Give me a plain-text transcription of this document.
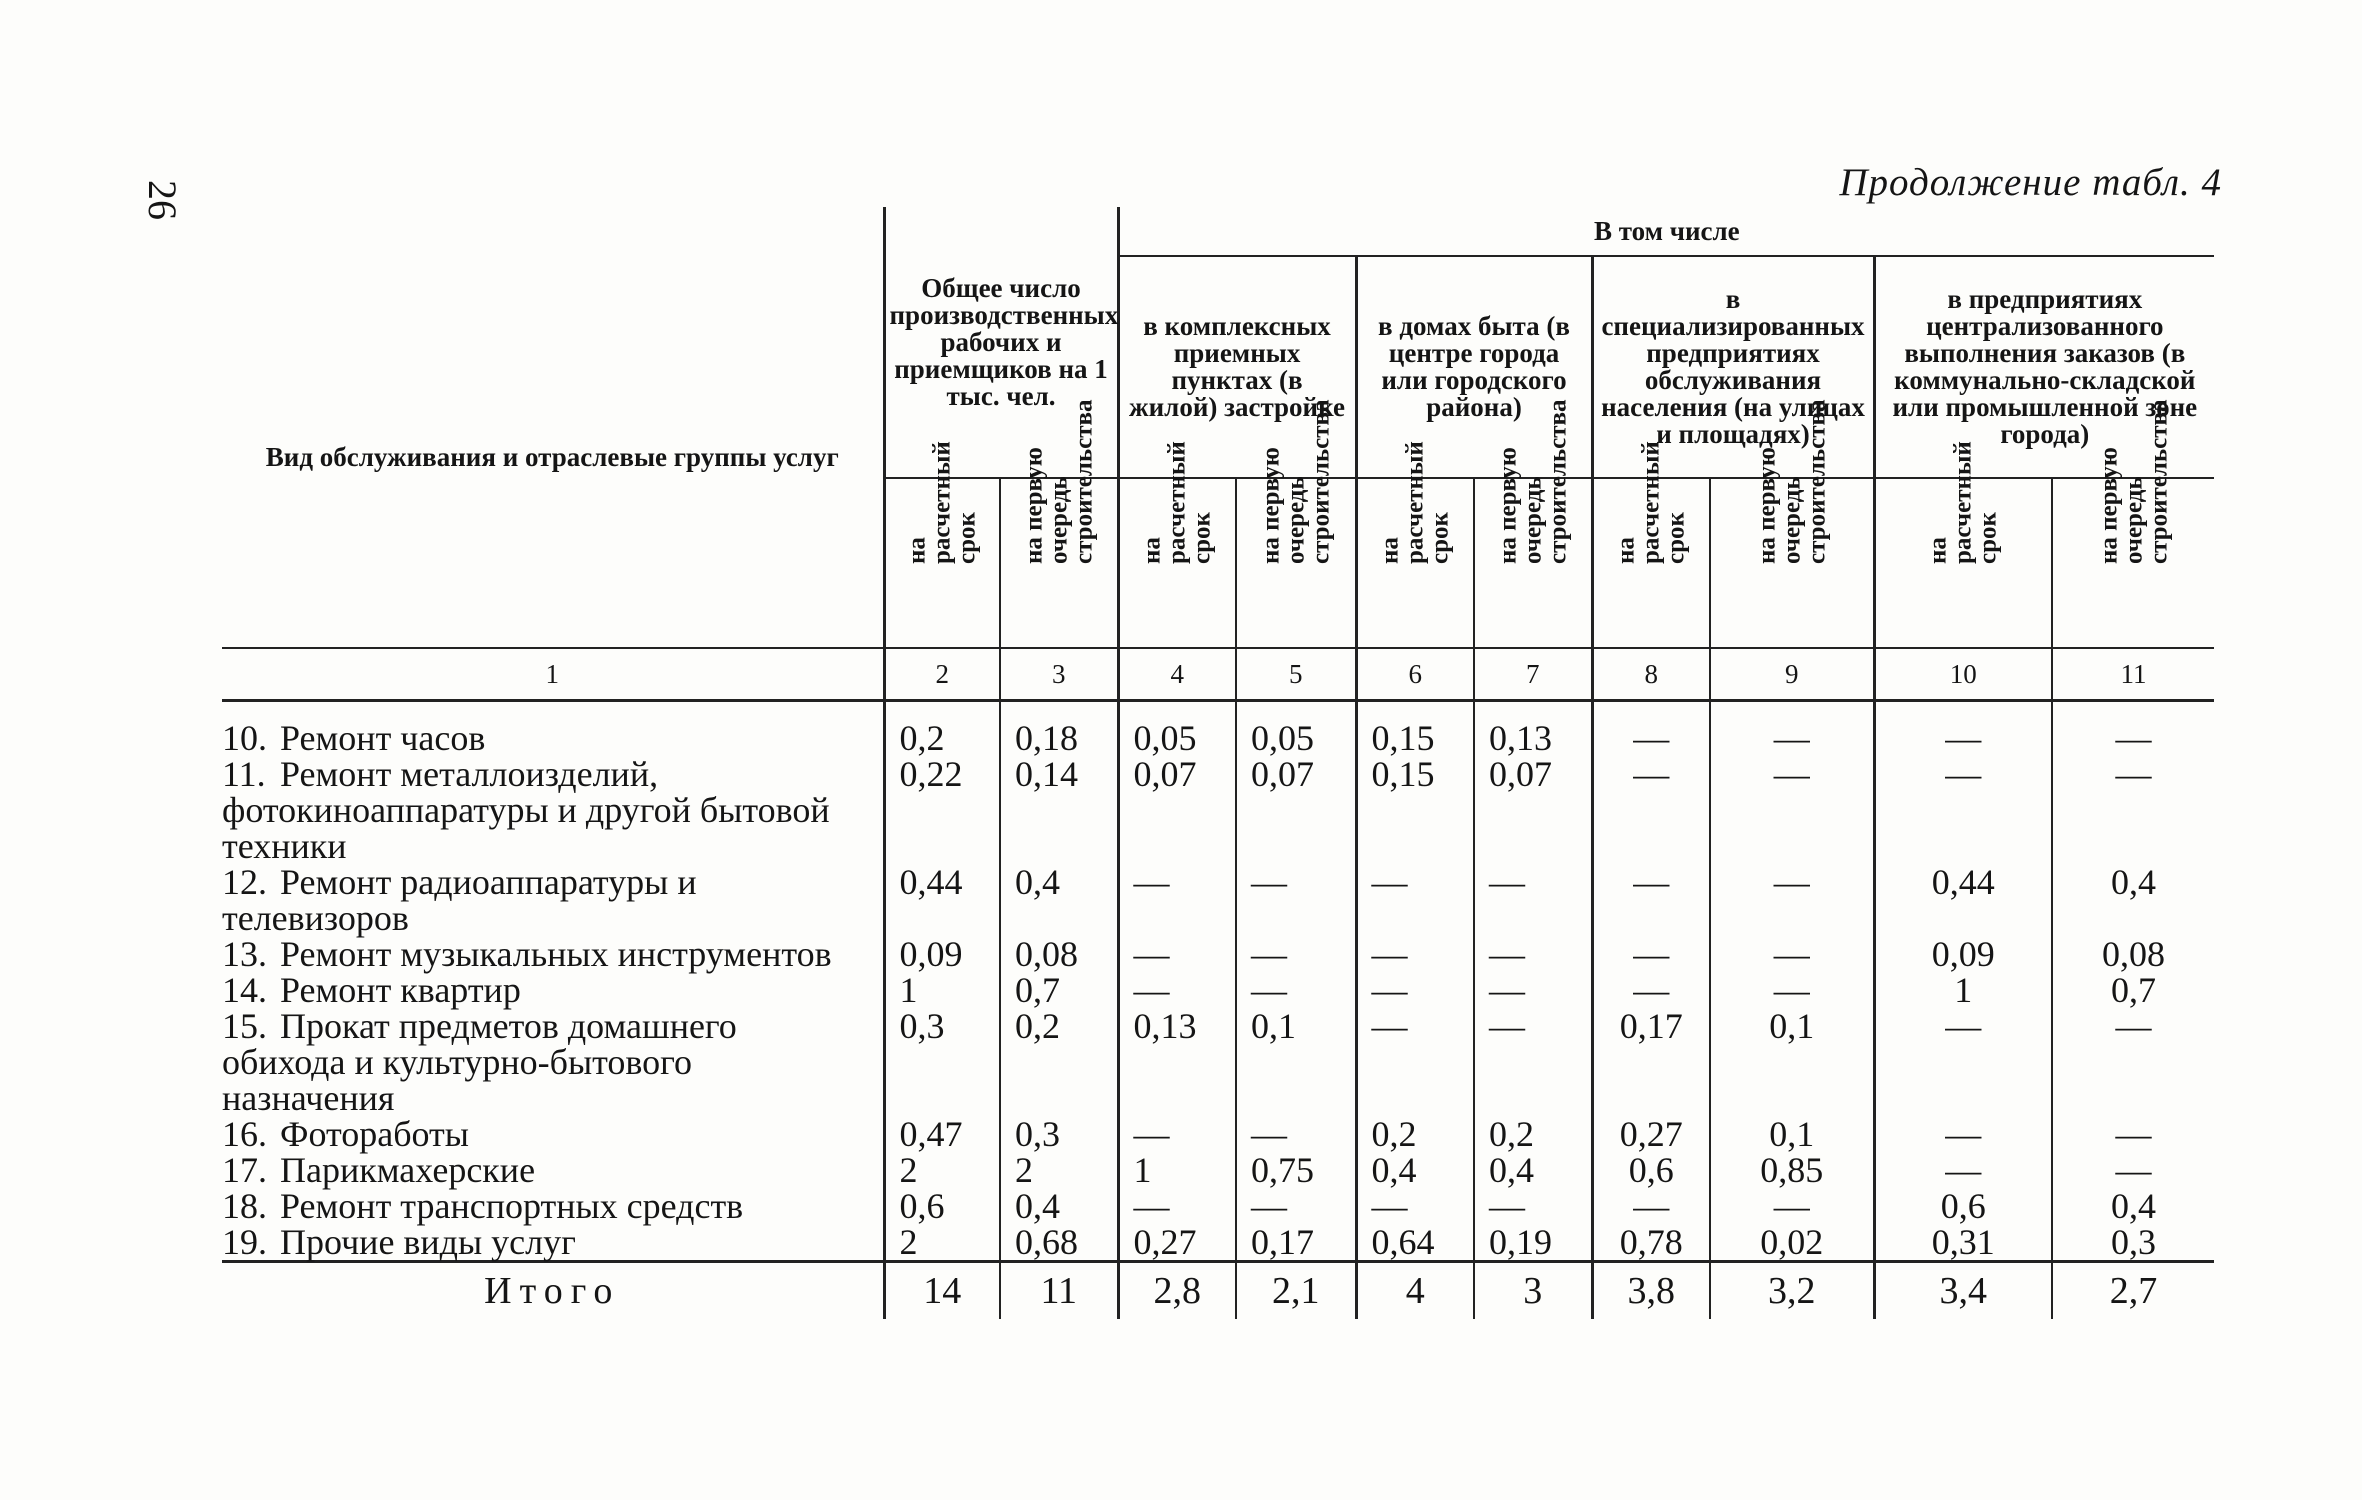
26	Продолжение табл. 4
Вид обслуживания и отраслевые группы услуг	Общее число производственных рабочих и приемщиков на 1 тыс. чел.		В том числе							
			в комплексных приемных пунктах (в жилой) застройке		в домах быта (в центре города или городского района)		в специализированных предприятиях обслуживания населения (на улицах и площадях)		в предприятиях централизованного выполнения заказов (в коммунально-складской или промышленной зоне города)	

	на расчетный срок	на первую очередь строительства	на расчетный срок	на первую очередь строительства	на расчетный срок	на первую очередь строительства	на расчетный срок	на первую очередь строительства	на расчетный срок	на первую очередь строительства

1	2	3	4	5	6	7	8	9	10	11
10. Ремонт часов	0,2	0,18	0,05	0,05	0,15	0,13	—	—	—	—
11. Ремонт металлоизделий, фотокиноаппаратуры и другой бытовой техники	0,22	0,14	0,07	0,07	0,15	0,07	—	—	—	—
12. Ремонт радиоаппаратуры и телевизоров	0,44	0,4	—	—	—	—	—	—	0,44	0,4
13. Ремонт музыкальных инструментов	0,09	0,08	—	—	—	—	—	—	0,09	0,08
14. Ремонт квартир	1	0,7	—	—	—	—	—	—	1	0,7
15. Прокат предметов домашнего обихода и культурно-бытового назначения	0,3	0,2	0,13	0,1	—	—	0,17	0,1	—	—
16. Фотоработы	0,47	0,3	—	—	0,2	0,2	0,27	0,1	—	—
17. Парикмахерские	2	2	1	0,75	0,4	0,4	0,6	0,85	—	—
18. Ремонт транспортных средств	0,6	0,4	—	—	—	—	—	—	0,6	0,4
19. Прочие виды услуг	2	0,68	0,27	0,17	0,64	0,19	0,78	0,02	0,31	0,3
Итого	14	11	2,8	2,1	4	3	3,8	3,2	3,4	2,7
